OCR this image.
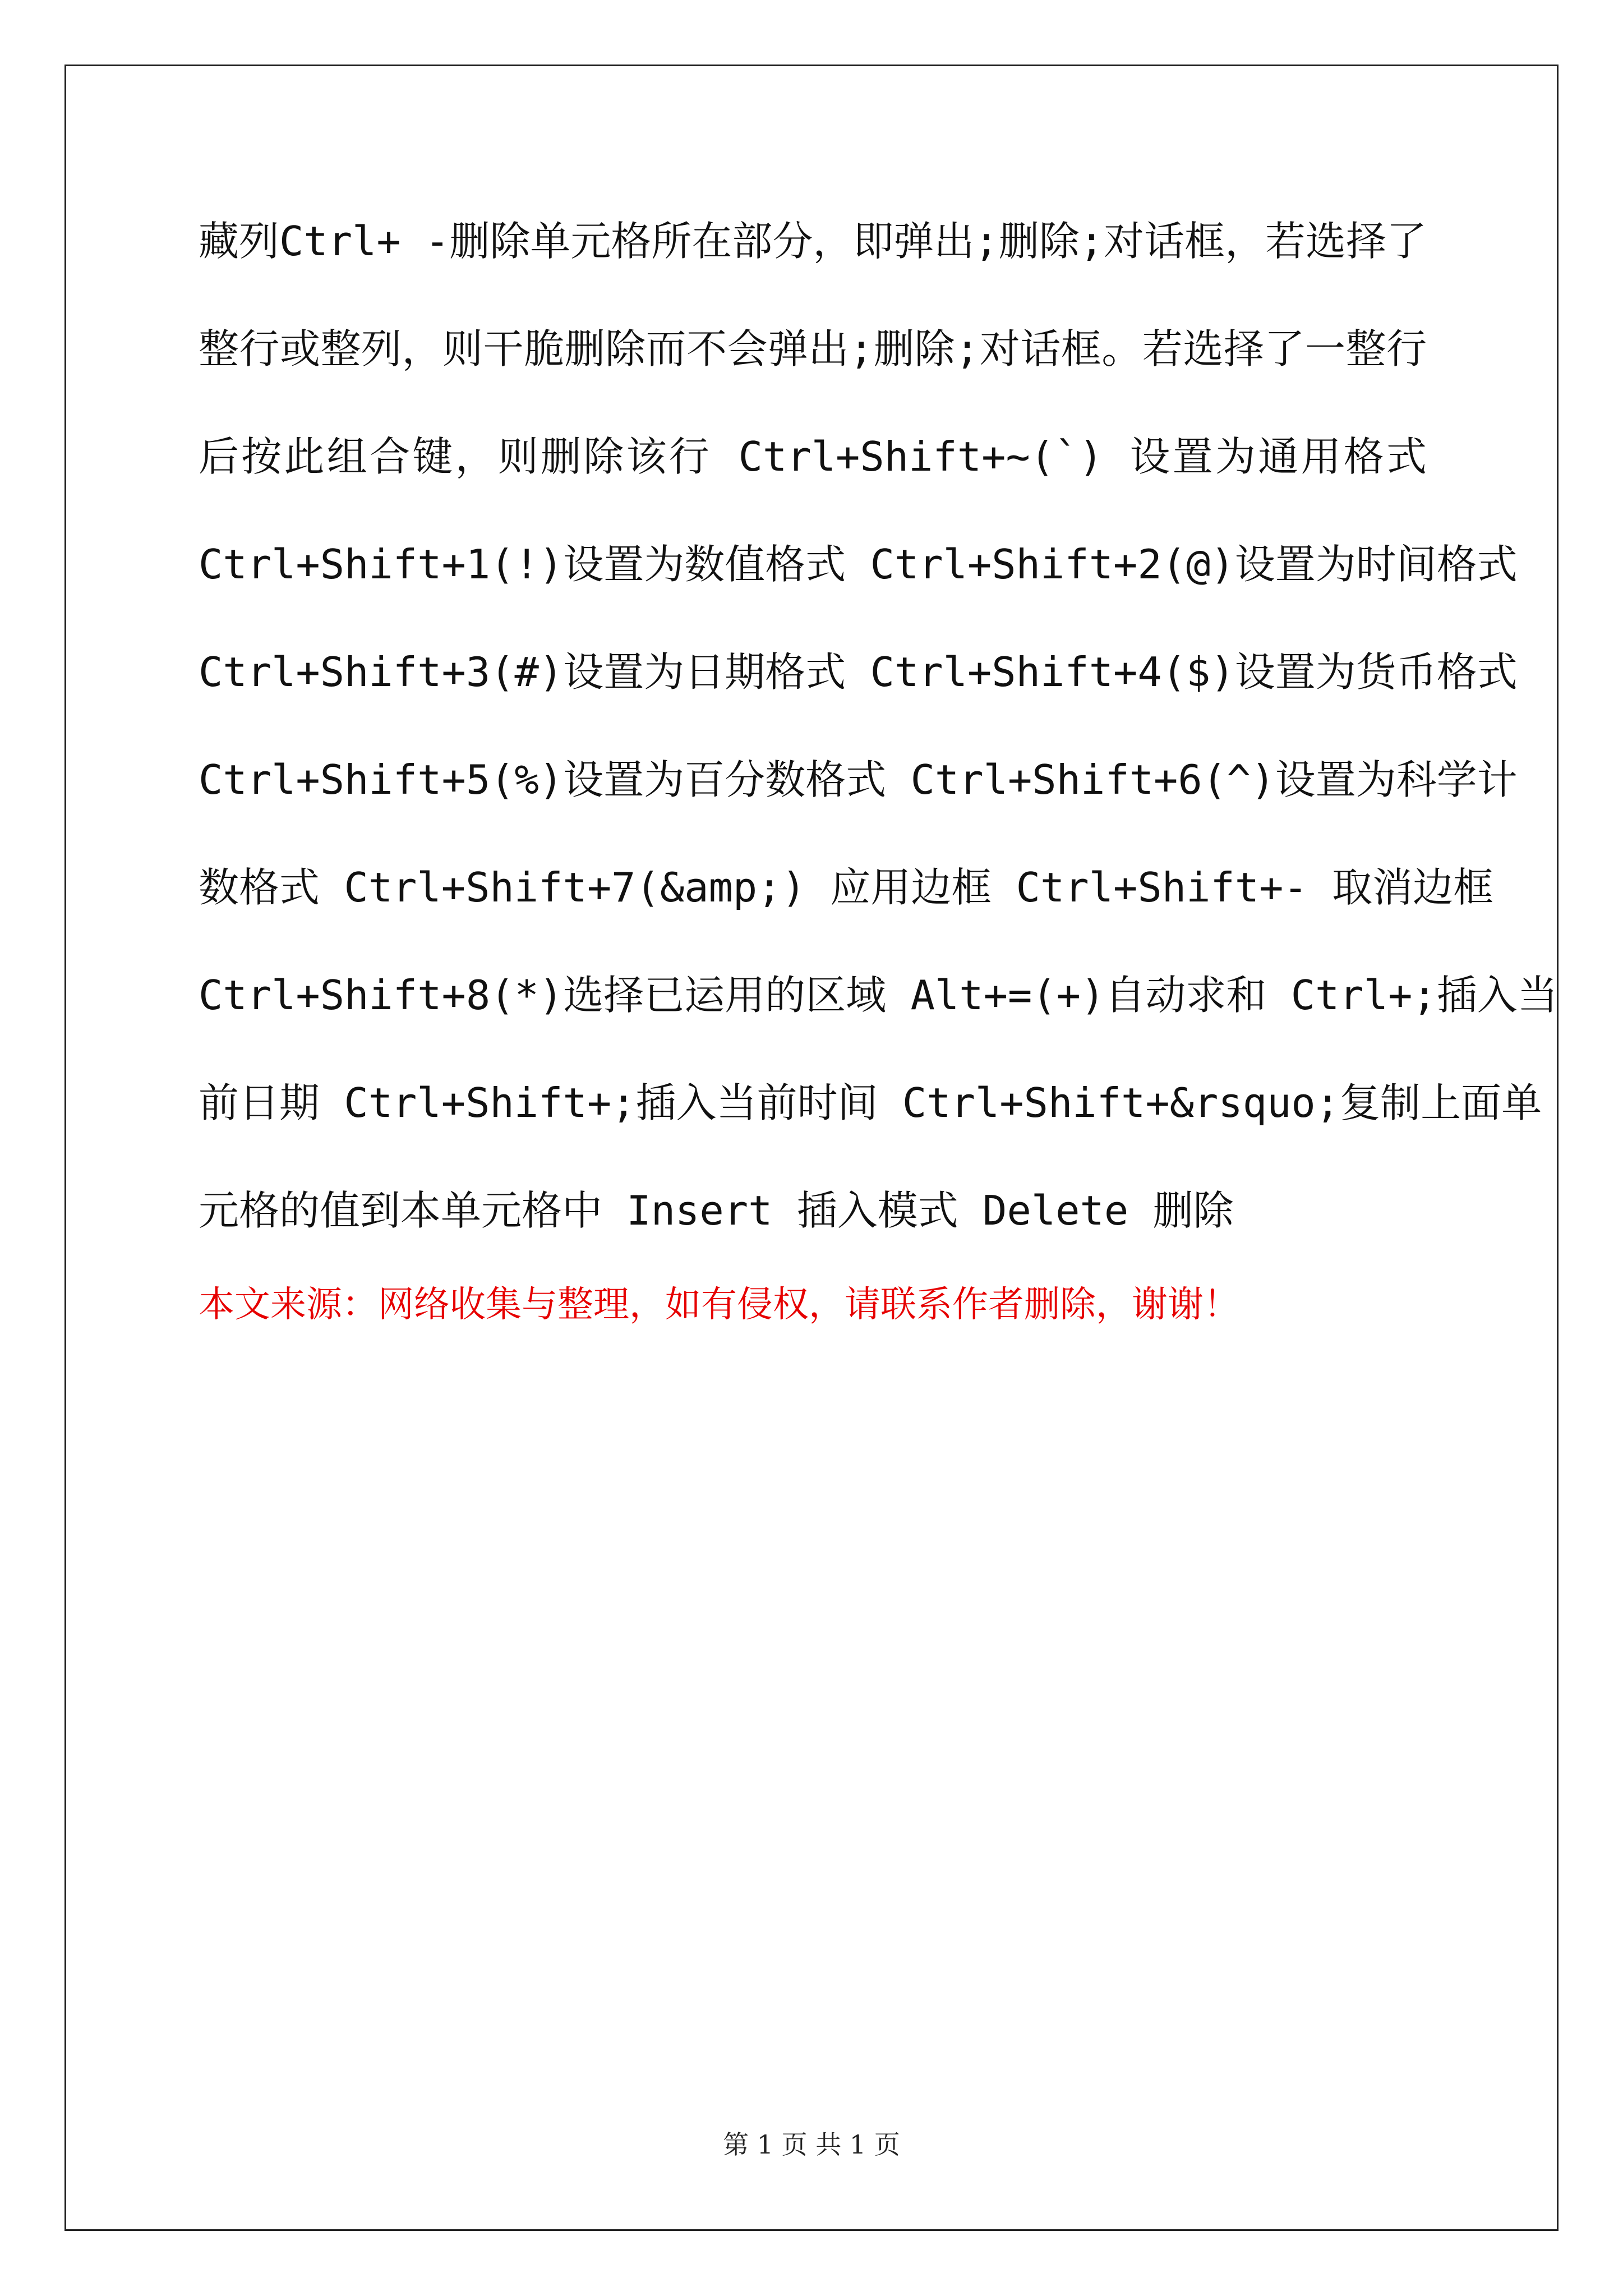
藏列Ctrl+ -删除单元格所在部分，即弹出;删除;对话框，若选择了
整行或整列，则干脆删除而不会弹出;删除;对话框。若选择了一整行
后按此组合键，则删除该行 Ctrl+Shift+~(`) 设置为通用格式
Ctrl+Shift+1(!)设置为数值格式 Ctrl+Shift+2(@)设置为时间格式
Ctrl+Shift+3(#)设置为日期格式 Ctrl+Shift+4($)设置为货币格式
Ctrl+Shift+5(%)设置为百分数格式 Ctrl+Shift+6(^)设置为科学计
数格式 Ctrl+Shift+7(&amp;) 应用边框 Ctrl+Shift+- 取消边框
Ctrl+Shift+8(*)选择已运用的区域 Alt+=(+)自动求和 Ctrl+;插入当
前日期 Ctrl+Shift+;插入当前时间 Ctrl+Shift+&rsquo;复制上面单
元格的值到本单元格中 Insert 插入模式 Delete 删除
本文来源：网络收集与整理，如有侵权，请联系作者删除，谢谢！
第 1 页 共 1 页
